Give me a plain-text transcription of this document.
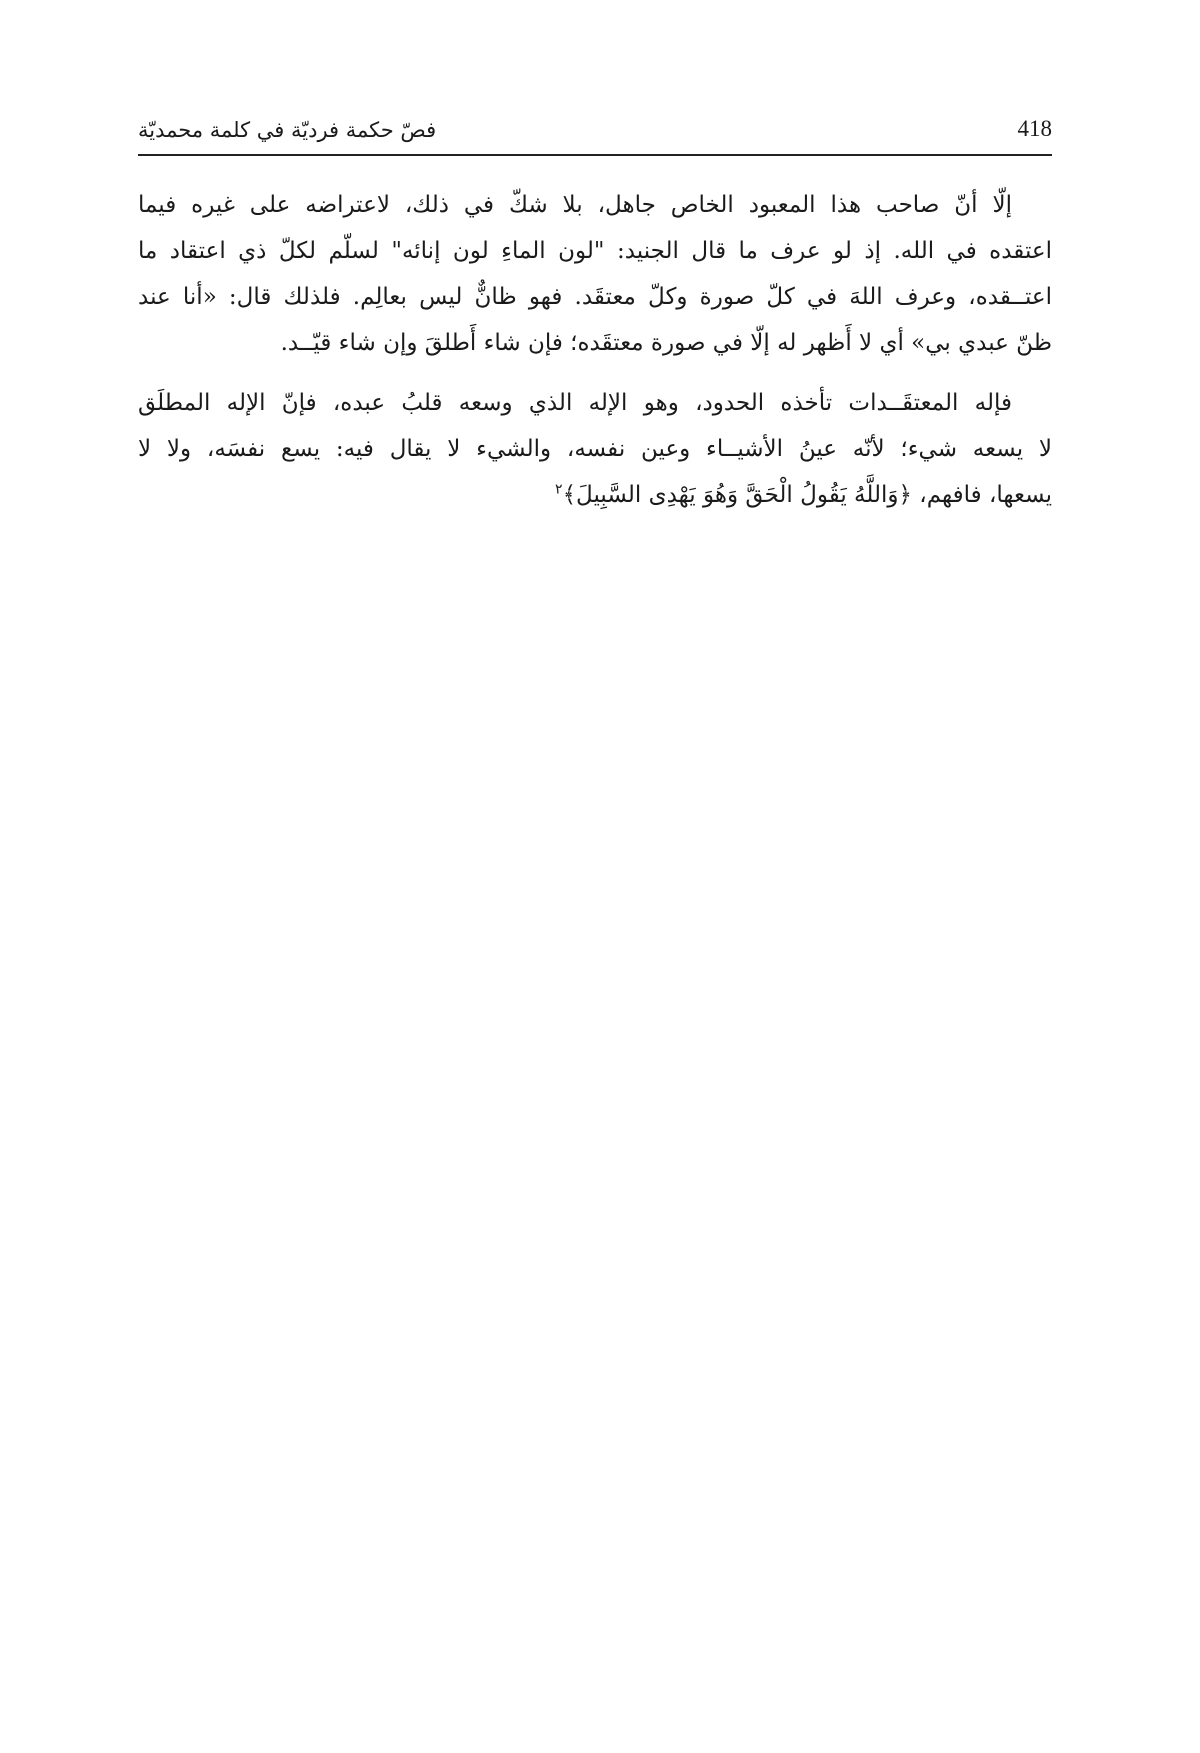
فصّ حكمة فرديّة في كلمة محمديّة	418

إلّا أنّ صاحب هذا المعبود الخاص جاهل، بلا شكّ في ذلك، لاعتراضه على غيره فيما
اعتقده في الله. إذ لو عرف ما قال الجنيد: "لون الماءِ لون إنائه" لسلّم لكلّ ذي اعتقاد ما
اعتــقده، وعرف اللهَ في كلّ صورة وكلّ معتقَد. فهو ظانٌّ ليس بعالِم. فلذلك قال: «أنا عند
ظنّ عبدي بي» أي لا أَظهر له إلّا في صورة معتقَده؛ فإن شاء أَطلقَ وإن شاء قيّــد.

فإله المعتقَــدات تأخذه الحدود، وهو الإله الذي وسعه قلبُ عبده، فإنّ الإله المطلَق
لا يسعه شيء؛ لأنّه عينُ الأشيــاء وعين نفسه، والشيء لا يقال فيه: يسع نفسَه، ولا لا
يسعها، فافهم، ﴿وَاللَّهُ يَقُولُ الْحَقَّ وَهُوَ يَهْدِى السَّبِيلَ﴾$^٢$
